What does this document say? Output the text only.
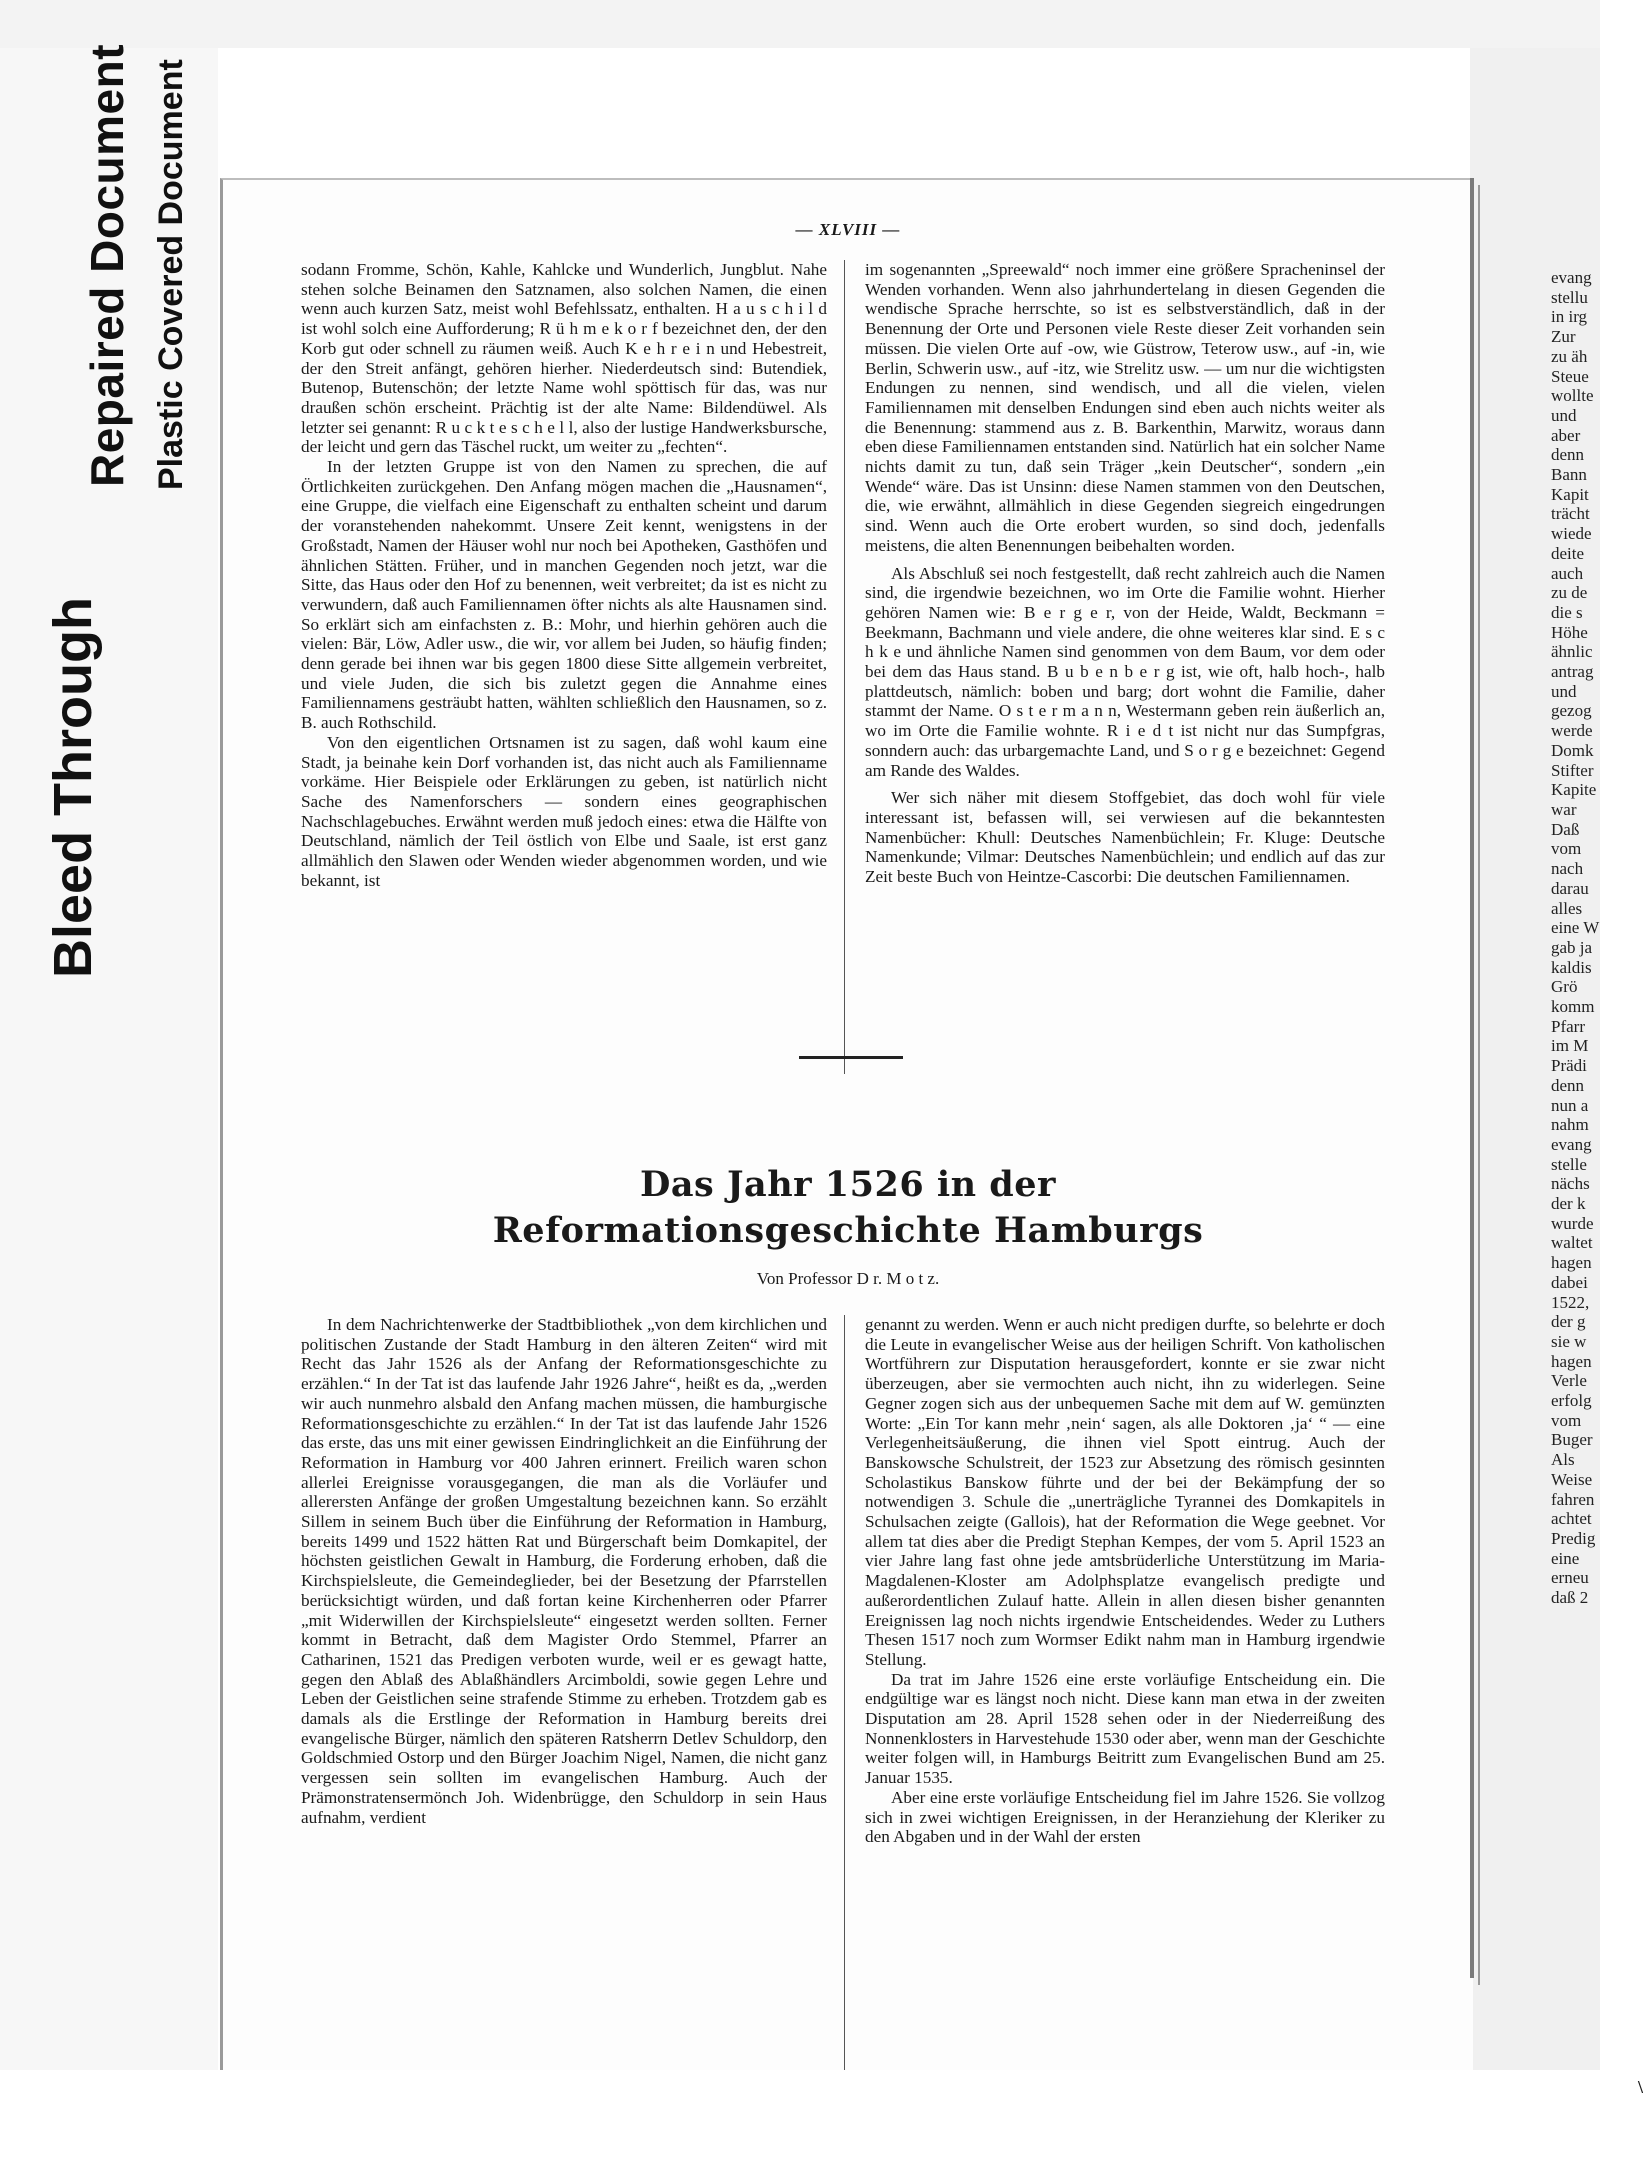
Bleed Through
Repaired Document Plastic Covered Document	— XLVIII —

sodann Fromme, Schön, Kahle, Kahlcke und Wunderlich, Jungblut. Nahe stehen solche Beinamen den Satznamen, also solchen Namen, die einen wenn auch kurzen Satz, meist wohl Befehlssatz, enthalten. H a u s c h i l d ist wohl solch eine Aufforderung; R ü h m e k o r f bezeichnet den, der den Korb gut oder schnell zu räumen weiß. Auch K e h r e i n und Hebestreit, der den Streit anfängt, gehören hierher. Niederdeutsch sind: Butendiek, Butenop, Butenschön; der letzte Name wohl spöttisch für das, was nur draußen schön erscheint. Prächtig ist der alte Name: Bildendüwel. Als letzter sei genannt: R u c k t e s c h e l l, also der lustige Handwerksbursche, der leicht und gern das Täschel ruckt, um weiter zu „fechten“.

In der letzten Gruppe ist von den Namen zu sprechen, die auf Örtlichkeiten zurückgehen. Den Anfang mögen machen die „Hausnamen“, eine Gruppe, die vielfach eine Eigenschaft zu enthalten scheint und darum der voranstehenden nahekommt. Unsere Zeit kennt, wenigstens in der Großstadt, Namen der Häuser wohl nur noch bei Apotheken, Gasthöfen und ähnlichen Stätten. Früher, und in manchen Gegenden noch jetzt, war die Sitte, das Haus oder den Hof zu benennen, weit verbreitet; da ist es nicht zu verwundern, daß auch Familiennamen öfter nichts als alte Hausnamen sind. So erklärt sich am einfachsten z. B.: Mohr, und hierhin gehören auch die vielen: Bär, Löw, Adler usw., die wir, vor allem bei Juden, so häufig finden; denn gerade bei ihnen war bis gegen 1800 diese Sitte allgemein verbreitet, und viele Juden, die sich bis zuletzt gegen die Annahme eines Familiennamens gesträubt hatten, wählten schließlich den Hausnamen, so z. B. auch Rothschild.

Von den eigentlichen Ortsnamen ist zu sagen, daß wohl kaum eine Stadt, ja beinahe kein Dorf vorhanden ist, das nicht auch als Familienname vorkäme. Hier Beispiele oder Erklärungen zu geben, ist natürlich nicht Sache des Namenforschers — sondern eines geographischen Nachschlagebuches. Erwähnt werden muß jedoch eines: etwa die Hälfte von Deutschland, nämlich der Teil östlich von Elbe und Saale, ist erst ganz allmählich den Slawen oder Wenden wieder abgenommen worden, und wie bekannt, ist

im sogenannten „Spreewald“ noch immer eine größere Spracheninsel der Wenden vorhanden. Wenn also jahrhundertelang in diesen Gegenden die wendische Sprache herrschte, so ist es selbstverständlich, daß in der Benennung der Orte und Personen viele Reste dieser Zeit vorhanden sein müssen. Die vielen Orte auf -ow, wie Güstrow, Teterow usw., auf -in, wie Berlin, Schwerin usw., auf -itz, wie Strelitz usw. — um nur die wichtigsten Endungen zu nennen, sind wendisch, und all die vielen, vielen Familiennamen mit denselben Endungen sind eben auch nichts weiter als die Benennung: stammend aus z. B. Barkenthin, Marwitz, woraus dann eben diese Familiennamen entstanden sind. Natürlich hat ein solcher Name nichts damit zu tun, daß sein Träger „kein Deutscher“, sondern „ein Wende“ wäre. Das ist Unsinn: diese Namen stammen von den Deutschen, die, wie erwähnt, allmählich in diese Gegenden siegreich eingedrungen sind. Wenn auch die Orte erobert wurden, so sind doch, jedenfalls meistens, die alten Benennungen beibehalten worden.

Als Abschluß sei noch festgestellt, daß recht zahlreich auch die Namen sind, die irgendwie bezeichnen, wo im Orte die Familie wohnt. Hierher gehören Namen wie: B e r g e r, von der Heide, Waldt, Beckmann = Beekmann, Bachmann und viele andere, die ohne weiteres klar sind. E s c h k e und ähnliche Namen sind genommen von dem Baum, vor dem oder bei dem das Haus stand. B u b e n b e r g ist, wie oft, halb hoch-, halb plattdeutsch, nämlich: boben und barg; dort wohnt die Familie, daher stammt der Name. O s t e r m a n n, Westermann geben rein äußerlich an, wo im Orte die Familie wohnte. R i e d t ist nicht nur das Sumpfgras, sonndern auch: das urbargemachte Land, und S o r g e bezeichnet: Gegend am Rande des Waldes.

Wer sich näher mit diesem Stoffgebiet, das doch wohl für viele interessant ist, befassen will, sei verwiesen auf die bekanntesten Namenbücher: Khull: Deutsches Namenbüchlein; Fr. Kluge: Deutsche Namenkunde; Vilmar: Deutsches Namenbüchlein; und endlich auf das zur Zeit beste Buch von Heintze-Cascorbi: Die deutschen Familiennamen.

Das Jahr 1526 in der
Reformationsgeschichte Hamburgs
Von Professor D r. M o t z.

In dem Nachrichtenwerke der Stadtbibliothek „von dem kirchlichen und politischen Zustande der Stadt Hamburg in den älteren Zeiten“ wird mit Recht das Jahr 1526 als der Anfang der Reformationsgeschichte zu erzählen.“ In der Tat ist das laufende Jahr 1926 Jahre“, heißt es da, „werden wir auch nunmehro alsbald den Anfang machen müssen, die hamburgische Reformationsgeschichte zu erzählen.“ In der Tat ist das laufende Jahr 1526 das erste, das uns mit einer gewissen Eindringlichkeit an die Einführung der Reformation in Hamburg vor 400 Jahren erinnert. Freilich waren schon allerlei Ereignisse vorausgegangen, die man als die Vorläufer und allerersten Anfänge der großen Umgestaltung bezeichnen kann. So erzählt Sillem in seinem Buch über die Einführung der Reformation in Hamburg, bereits 1499 und 1522 hätten Rat und Bürgerschaft beim Domkapitel, der höchsten geistlichen Gewalt in Hamburg, die Forderung erhoben, daß die Kirchspielsleute, die Gemeindeglieder, bei der Besetzung der Pfarrstellen berücksichtigt würden, und daß fortan keine Kirchenherren oder Pfarrer „mit Widerwillen der Kirchspielsleute“ eingesetzt werden sollten. Ferner kommt in Betracht, daß dem Magister Ordo Stemmel, Pfarrer an Catharinen, 1521 das Predigen verboten wurde, weil er es gewagt hatte, gegen den Ablaß des Ablaßhändlers Arcimboldi, sowie gegen Lehre und Leben der Geistlichen seine strafende Stimme zu erheben. Trotzdem gab es damals als die Erstlinge der Reformation in Hamburg bereits drei evangelische Bürger, nämlich den späteren Ratsherrn Detlev Schuldorp, den Goldschmied Ostorp und den Bürger Joachim Nigel, Namen, die nicht ganz vergessen sein sollten im evangelischen Hamburg. Auch der Prämonstratensermönch Joh. Widenbrügge, den Schuldorp in sein Haus aufnahm, verdient

genannt zu werden. Wenn er auch nicht predigen durfte, so belehrte er doch die Leute in evangelischer Weise aus der heiligen Schrift. Von katholischen Wortführern zur Disputation herausgefordert, konnte er sie zwar nicht überzeugen, aber sie vermochten auch nicht, ihn zu widerlegen. Seine Gegner zogen sich aus der unbequemen Sache mit dem auf W. gemünzten Worte: „Ein Tor kann mehr ‚nein‘ sagen, als alle Doktoren ‚ja‘ “ — eine Verlegenheitsäußerung, die ihnen viel Spott eintrug. Auch der Banskowsche Schulstreit, der 1523 zur Absetzung des römisch gesinnten Scholastikus Banskow führte und der bei der Bekämpfung der so notwendigen 3. Schule die „unerträgliche Tyrannei des Domkapitels in Schulsachen zeigte (Gallois), hat der Reformation die Wege geebnet. Vor allem tat dies aber die Predigt Stephan Kempes, der vom 5. April 1523 an vier Jahre lang fast ohne jede amtsbrüderliche Unterstützung im Maria-Magdalenen-Kloster am Adolphsplatze evangelisch predigte und außerordentlichen Zulauf hatte. Allein in allen diesen bisher genannten Ereignissen lag noch nichts irgendwie Entscheidendes. Weder zu Luthers Thesen 1517 noch zum Wormser Edikt nahm man in Hamburg irgendwie Stellung.

Da trat im Jahre 1526 eine erste vorläufige Entscheidung ein. Die endgültige war es längst noch nicht. Diese kann man etwa in der zweiten Disputation am 28. April 1528 sehen oder in der Niederreißung des Nonnenklosters in Harvestehude 1530 oder aber, wenn man der Geschichte weiter folgen will, in Hamburgs Beitritt zum Evangelischen Bund am 25. Januar 1535.

Aber eine erste vorläufige Entscheidung fiel im Jahre 1526. Sie vollzog sich in zwei wichtigen Ereignissen, in der Heranziehung der Kleriker zu den Abgaben und in der Wahl der ersten

\
evang
stellu
in irg
Zur
zu äh
Steue
wollte
und
aber
denn
Bann
Kapit
trächt
wiede
deite
auch
zu de
die s
Höhe
ähnlic
antrag
und
gezog
werde
Domk
Stifter
Kapite
war
Daß
vom
nach
darau
alles
eine W
gab ja
kaldis
Grö
komm
Pfarr
im M
Prädi
denn
nun a
nahm
evang
stelle
nächs
der k
wurde
waltet
hagen
dabei
1522,
der g
sie w
hagen
Verle
erfolg
vom
Buger
Als
Weise
fahren
achtet
Predig
eine
erneu
daß 2
